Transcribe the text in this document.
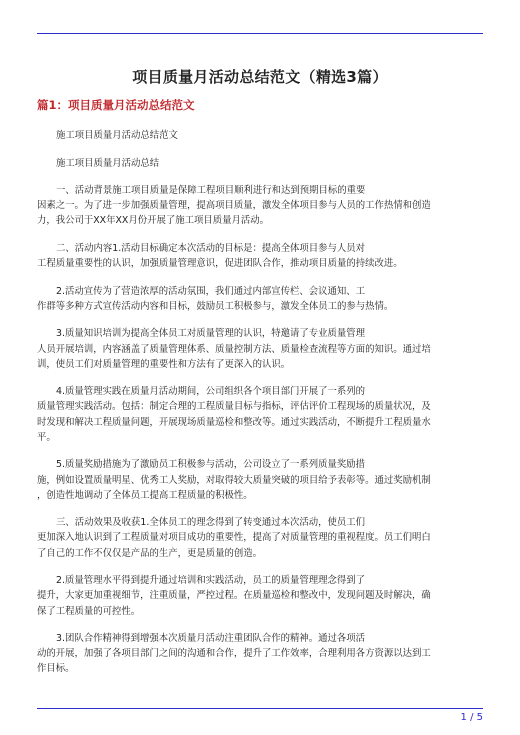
项目质量月活动总结范文（精选3篇）
篇1：项目质量月活动总结范文

施工项目质量月活动总结范文

施工项目质量月活动总结

一、活动背景施工项目质量是保障工程项目顺利进行和达到预期目标的重要
因素之一。为了进一步加强质量管理，提高项目质量，激发全体项目参与人员的工作热情和创造
力，我公司于XX年XX月份开展了施工项目质量月活动。

二、活动内容1.活动目标确定本次活动的目标是：提高全体项目参与人员对
工程质量重要性的认识，加强质量管理意识，促进团队合作，推动项目质量的持续改进。

2.活动宣传为了营造浓厚的活动氛围，我们通过内部宣传栏、会议通知、工
作群等多种方式宣传活动内容和目标，鼓励员工积极参与，激发全体员工的参与热情。

3.质量知识培训为提高全体员工对质量管理的认识，特邀请了专业质量管理
人员开展培训，内容涵盖了质量管理体系、质量控制方法、质量检查流程等方面的知识。通过培
训，使员工们对质量管理的重要性和方法有了更深入的认识。

4.质量管理实践在质量月活动期间，公司组织各个项目部门开展了一系列的
质量管理实践活动。包括：制定合理的工程质量目标与指标，评估评价工程现场的质量状况，及
时发现和解决工程质量问题，开展现场质量巡检和整改等。通过实践活动，不断提升工程质量水
平。

5.质量奖励措施为了激励员工积极参与活动，公司设立了一系列质量奖励措
施，例如设置质量明星、优秀工人奖励，对取得较大质量突破的项目给予表彰等。通过奖励机制
，创造性地调动了全体员工提高工程质量的积极性。

三、活动效果及收获1.全体员工的理念得到了转变通过本次活动，使员工们
更加深入地认识到了工程质量对项目成功的重要性，提高了对质量管理的重视程度。员工们明白
了自己的工作不仅仅是产品的生产，更是质量的创造。

2.质量管理水平得到提升通过培训和实践活动，员工的质量管理理念得到了
提升，大家更加重视细节，注重质量，严控过程。在质量巡检和整改中，发现问题及时解决，确
保了工程质量的可控性。

3.团队合作精神得到增强本次质量月活动注重团队合作的精神。通过各项活
动的开展，加强了各项目部门之间的沟通和合作，提升了工作效率，合理利用各方资源以达到工
作目标。

1 / 5
